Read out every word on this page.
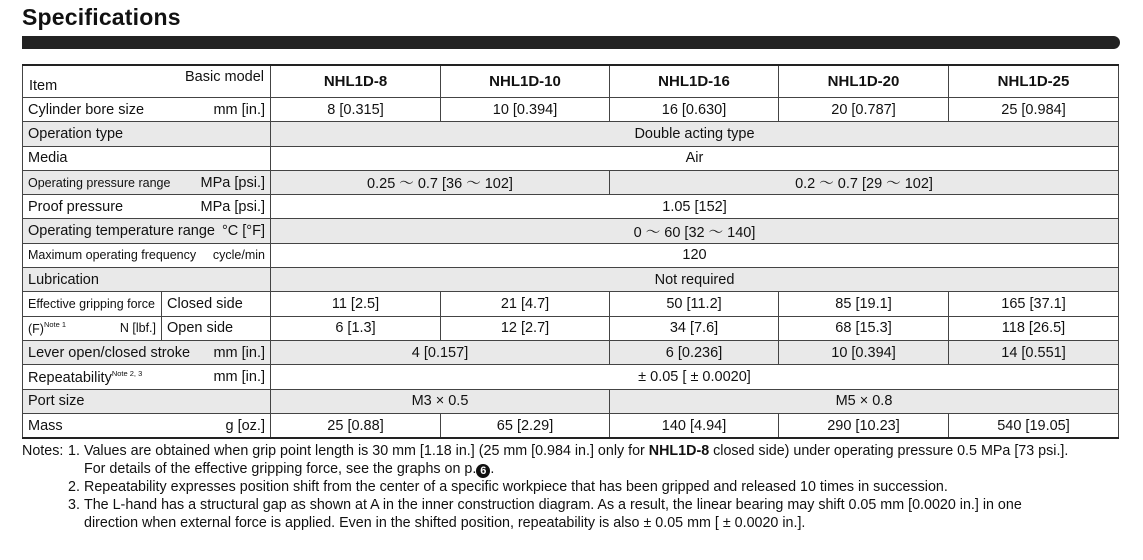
Specifications
Basic model
Item		NHL1D-8	NHL1D-10	NHL1D-16	NHL1D-20	NHL1D-25
Cylinder bore size mm [in.]		8 [0.315]	10 [0.394]	16 [0.630]	20 [0.787]	25 [0.984]
Operation type		Double acting type				
Media		Air				
Operating pressure range MPa [psi.]		0.25 ～ 0.7 [36 ～ 102]		0.2 ～ 0.7 [29 ～ 102]		
Proof pressure MPa [psi.]		1.05 [152]				
Operating temperature range °C [°F]		0 ～ 60 [32 ～ 140]				
Maximum operating frequency cycle/min		120				
Lubrication		Not required				
Effective gripping force	Closed side	11 [2.5]	21 [4.7]	50 [11.2]	85 [19.1]	165 [37.1]
$(F)^{Note 1}$ N [lbf.]	Open side	6 [1.3]	12 [2.7]	34 [7.6]	68 [15.3]	118 [26.5]
Lever open/closed stroke mm [in.]		4 [0.157]		6 [0.236]	10 [0.394]	14 [0.551]
Repeatability$^{Note 2, 3}$ mm [in.]		± 0.05 [ ± 0.0020]				
Port size		M3 × 0.5		M5 × 0.8		
Mass g [oz.]		25 [0.88]	65 [2.29]	140 [4.94]	290 [10.23]	540 [19.05]
Notes: 1. Values are obtained when grip point length is 30 mm [1.18 in.] (25 mm [0.984 in.] only for NHL1D-8 closed side) under operating pressure 0.5 MPa [73 psi.].
For details of the effective gripping force, see the graphs on p. 6 .
2. Repeatability expresses position shift from the center of a specific workpiece that has been gripped and released 10 times in succession.
3. The L-hand has a structural gap as shown at A in the inner construction diagram. As a result, the linear bearing may shift 0.05 mm [0.0020 in.] in one
direction when external force is applied. Even in the shifted position, repeatability is also ± 0.05 mm [ ± 0.0020 in.].
